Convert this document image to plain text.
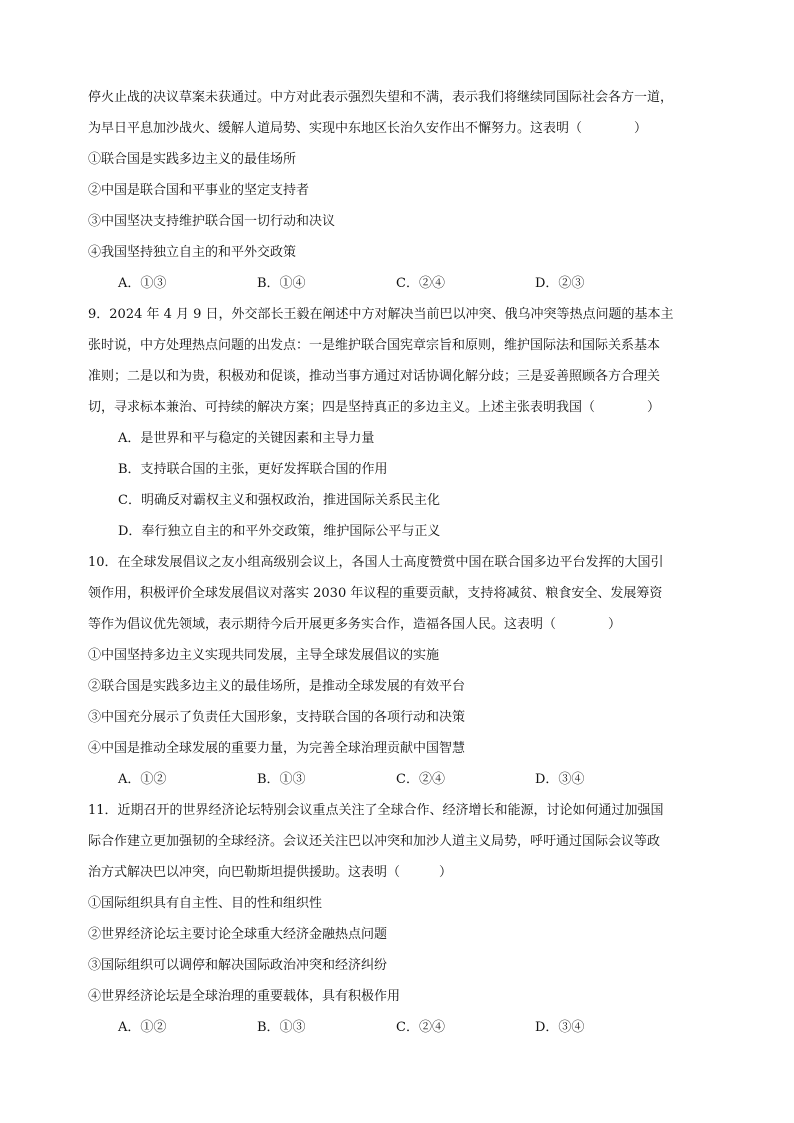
停火止战的决议草案未获通过。中方对此表示强烈失望和不满，表示我们将继续同国际社会各方一道，
为早日平息加沙战火、缓解人道局势、实现中东地区长治久安作出不懈努力。这表明（　　　　）
①联合国是实践多边主义的最佳场所
②中国是联合国和平事业的坚定支持者
③中国坚决支持维护联合国一切行动和决议
④我国坚持独立自主的和平外交政策
A．①③	B．①④	C．②④	D．②③
9．2024 年 4 月 9 日，外交部长王毅在阐述中方对解决当前巴以冲突、俄乌冲突等热点问题的基本主
张时说，中方处理热点问题的出发点：一是维护联合国宪章宗旨和原则，维护国际法和国际关系基本
准则；二是以和为贵，积极劝和促谈，推动当事方通过对话协调化解分歧；三是妥善照顾各方合理关
切，寻求标本兼治、可持续的解决方案；四是坚持真正的多边主义。上述主张表明我国（　　　　）
A．是世界和平与稳定的关键因素和主导力量
B．支持联合国的主张，更好发挥联合国的作用
C．明确反对霸权主义和强权政治，推进国际关系民主化
D．奉行独立自主的和平外交政策，维护国际公平与正义
10．在全球发展倡议之友小组高级别会议上，各国人士高度赞赏中国在联合国多边平台发挥的大国引
领作用，积极评价全球发展倡议对落实 2030 年议程的重要贡献，支持将减贫、粮食安全、发展筹资
等作为倡议优先领域，表示期待今后开展更多务实合作，造福各国人民。这表明（　　　　）
①中国坚持多边主义实现共同发展，主导全球发展倡议的实施
②联合国是实践多边主义的最佳场所，是推动全球发展的有效平台
③中国充分展示了负责任大国形象，支持联合国的各项行动和决策
④中国是推动全球发展的重要力量，为完善全球治理贡献中国智慧
A．①②	B．①③	C．②④	D．③④
11．近期召开的世界经济论坛特别会议重点关注了全球合作、经济增长和能源，讨论如何通过加强国
际合作建立更加强韧的全球经济。会议还关注巴以冲突和加沙人道主义局势，呼吁通过国际会议等政
治方式解决巴以冲突，向巴勒斯坦提供援助。这表明（　　　）
①国际组织具有自主性、目的性和组织性
②世界经济论坛主要讨论全球重大经济金融热点问题
③国际组织可以调停和解决国际政治冲突和经济纠纷
④世界经济论坛是全球治理的重要载体，具有积极作用
A．①②	B．①③	C．②④	D．③④
